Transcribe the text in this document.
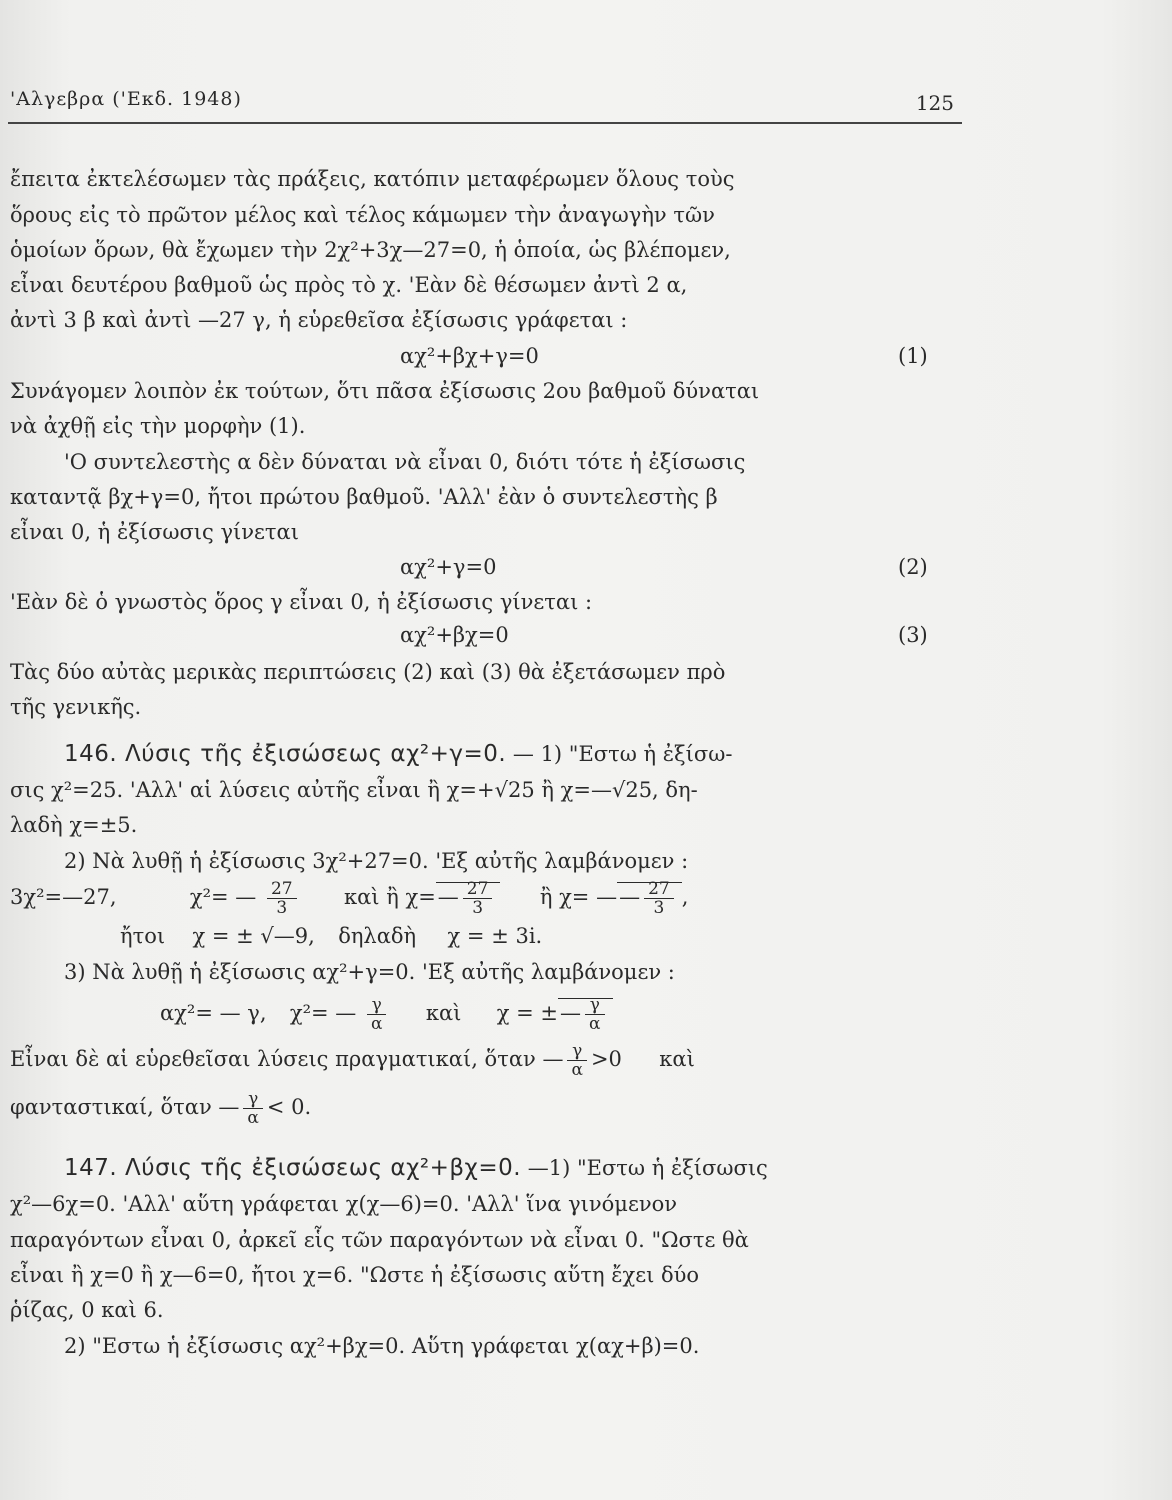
'Αλγεβρα ('Εκδ. 1948)	125
ἔπειτα ἐκτελέσωμεν τὰς πράξεις, κατόπιν μεταφέρωμεν ὅλους τοὺς
ὅρους εἰς τὸ πρῶτον μέλος καὶ τέλος κάμωμεν τὴν ἀναγωγὴν τῶν
ὁμοίων ὅρων, θὰ ἔχωμεν τὴν 2χ²+3χ—27=0, ἡ ὁποία, ὡς βλέπομεν,
εἶναι δευτέρου βαθμοῦ ὡς πρὸς τὸ χ. 'Εὰν δὲ θέσωμεν ἀντὶ 2 α,
ἀντὶ 3 β καὶ ἀντὶ —27 γ, ἡ εὑρεθεῖσα ἐξίσωσις γράφεται :
αχ²+βχ+γ=0	(1)
Συνάγομεν λοιπὸν ἐκ τούτων, ὅτι πᾶσα ἐξίσωσις 2ου βαθμοῦ δύναται
νὰ ἀχθῇ εἰς τὴν μορφὴν (1).
'Ο συντελεστὴς α δὲν δύναται νὰ εἶναι 0, διότι τότε ἡ ἐξίσωσις
καταντᾷ βχ+γ=0, ἤτοι πρώτου βαθμοῦ. 'Αλλ' ἐὰν ὁ συντελεστὴς β
εἶναι 0, ἡ ἐξίσωσις γίνεται
αχ²+γ=0	(2)
'Εὰν δὲ ὁ γνωστὸς ὅρος γ εἶναι 0, ἡ ἐξίσωσις γίνεται :
αχ²+βχ=0	(3)
Τὰς δύο αὐτὰς μερικὰς περιπτώσεις (2) καὶ (3) θὰ ἐξετάσωμεν πρὸ
τῆς γενικῆς.
146. Λύσις τῆς ἐξισώσεως αχ²+γ=0. — 1) "Εστω ἡ ἐξίσω-
σις χ²=25. 'Αλλ' αἱ λύσεις αὐτῆς εἶναι ἢ χ=+√25 ἢ χ=—√25, δη-
λαδὴ χ=±5.
2) Νὰ λυθῇ ἡ ἐξίσωσις 3χ²+27=0. 'Εξ αὐτῆς λαμβάνομεν :
3χ²=—27,	χ²= — $\frac{27}{3}$ καὶ ἢ χ=— $\frac{27}{3}$ ἢ χ= —— $\frac{27}{3}$ ,
ἤτοι χ = ± √—9, δηλαδὴ χ = ± 3i.
3) Νὰ λυθῇ ἡ ἐξίσωσις αχ²+γ=0. 'Εξ αὐτῆς λαμβάνομεν :
αχ²= — γ, χ²= — $\frac{\gamma}{\alpha}$ καὶ χ = ±— $\frac{\gamma}{\alpha}$
Εἶναι δὲ αἱ εὑρεθεῖσαι λύσεις πραγματικαί, ὅταν — $\frac{\gamma}{\alpha} >0$ καὶ
φανταστικαί, ὅταν — $\frac{\gamma}{\alpha} < 0$.
147. Λύσις τῆς ἐξισώσεως αχ²+βχ=0. —1) "Εστω ἡ ἐξίσωσις
χ²—6χ=0. 'Αλλ' αὕτη γράφεται χ(χ—6)=0. 'Αλλ' ἵνα γινόμενον
παραγόντων εἶναι 0, ἀρκεῖ εἷς τῶν παραγόντων νὰ εἶναι 0. "Ωστε θὰ
εἶναι ἢ χ=0 ἢ χ—6=0, ἤτοι χ=6. "Ωστε ἡ ἐξίσωσις αὕτη ἔχει δύο
ῥίζας, 0 καὶ 6.
2) "Εστω ἡ ἐξίσωσις αχ²+βχ=0. Αὕτη γράφεται χ(αχ+β)=0.
